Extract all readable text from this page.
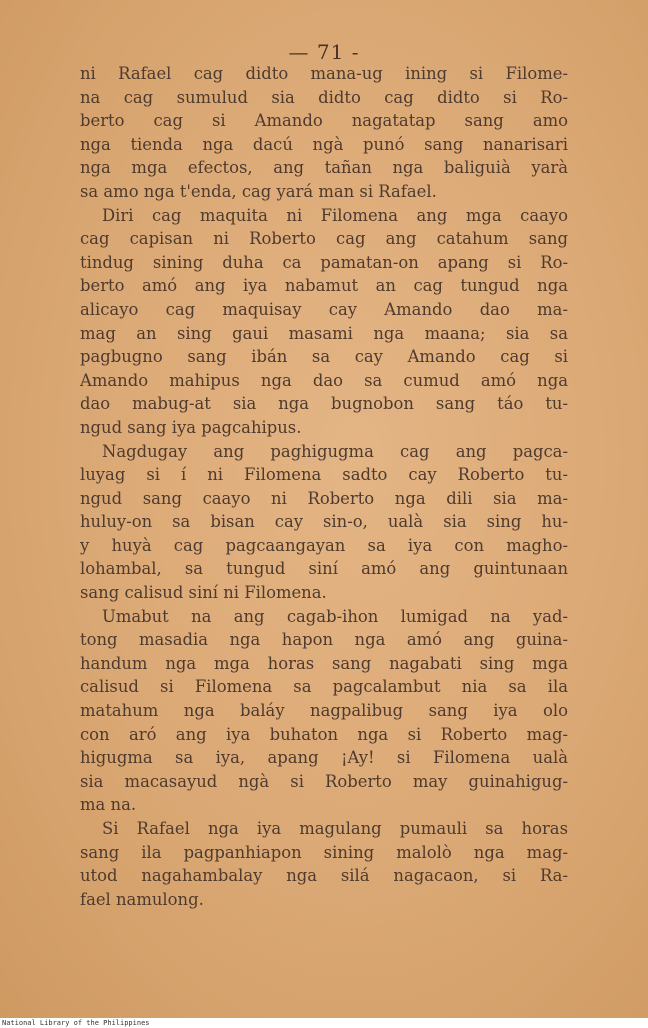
— 71 -
ni Rafael cag didto mana-ug ining si Filome-
na cag sumulud sia didto cag didto si Ro-
berto cag si Amando nagatatap sang amo
nga tienda nga dacú ngà punó sang nanarisari
nga mga efectos, ang tañan nga baliguià yarà
sa amo nga t'enda, cag yará man si Rafael.
Diri cag maquita ni Filomena ang mga caayo
cag capisan ni Roberto cag ang catahum sang
tindug sining duha ca pamatan-on apang si Ro-
berto amó ang iya nabamut an cag tungud nga
alicayo cag maquisay cay Amando dao ma-
mag an sing gaui masami nga maana; sia sa
pagbugno sang ibán sa cay Amando cag si
Amando mahipus nga dao sa cumud amó nga
dao mabug-at sia nga bugnobon sang táo tu-
ngud sang iya pagcahipus.
Nagdugay ang paghigugma cag ang pagca-
luyag si í ni Filomena sadto cay Roberto tu-
ngud sang caayo ni Roberto nga dili sia ma-
huluy-on sa bisan cay sin-o, ualà sia sing hu-
y huyà cag pagcaangayan sa iya con magho-
lohambal, sa tungud siní amó ang guintunaan
sang calisud siní ni Filomena.
Umabut na ang cagab-ihon lumigad na yad-
tong masadia nga hapon nga amó ang guina-
handum nga mga horas sang nagabati sing mga
calisud si Filomena sa pagcalambut nia sa ila
matahum nga baláy nagpalibug sang iya olo
con aró ang iya buhaton nga si Roberto mag-
higugma sa iya, apang ¡Ay! si Filomena ualà
sia macasayud ngà si Roberto may guinahigug-
ma na.
Si Rafael nga iya magulang pumauli sa horas
sang ila pagpanhiapon sining malolò nga mag-
utod nagahambalay nga silá nagacaon, si Ra-
fael namulong.
National Library of the Philippines
